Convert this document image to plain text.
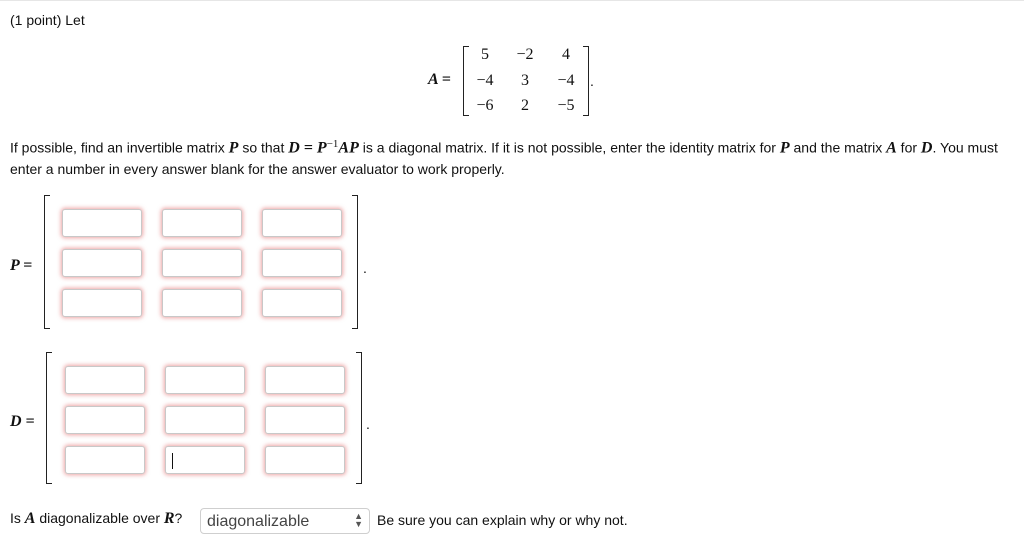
(1 point) Let
A =
5	−2	4
−4	3	−4
−6	2	−5
.
If possible, find an invertible matrix P so that $D = P^{-1}AP$ is a diagonal matrix. If it is not possible, enter the identity matrix for P and the matrix A for D. You must enter a number in every answer blank for the answer evaluator to work properly.
P =	.
D =	.
Is A diagonalizable over R?	diagonalizable	▲
▼ Be sure you can explain why or why not.
